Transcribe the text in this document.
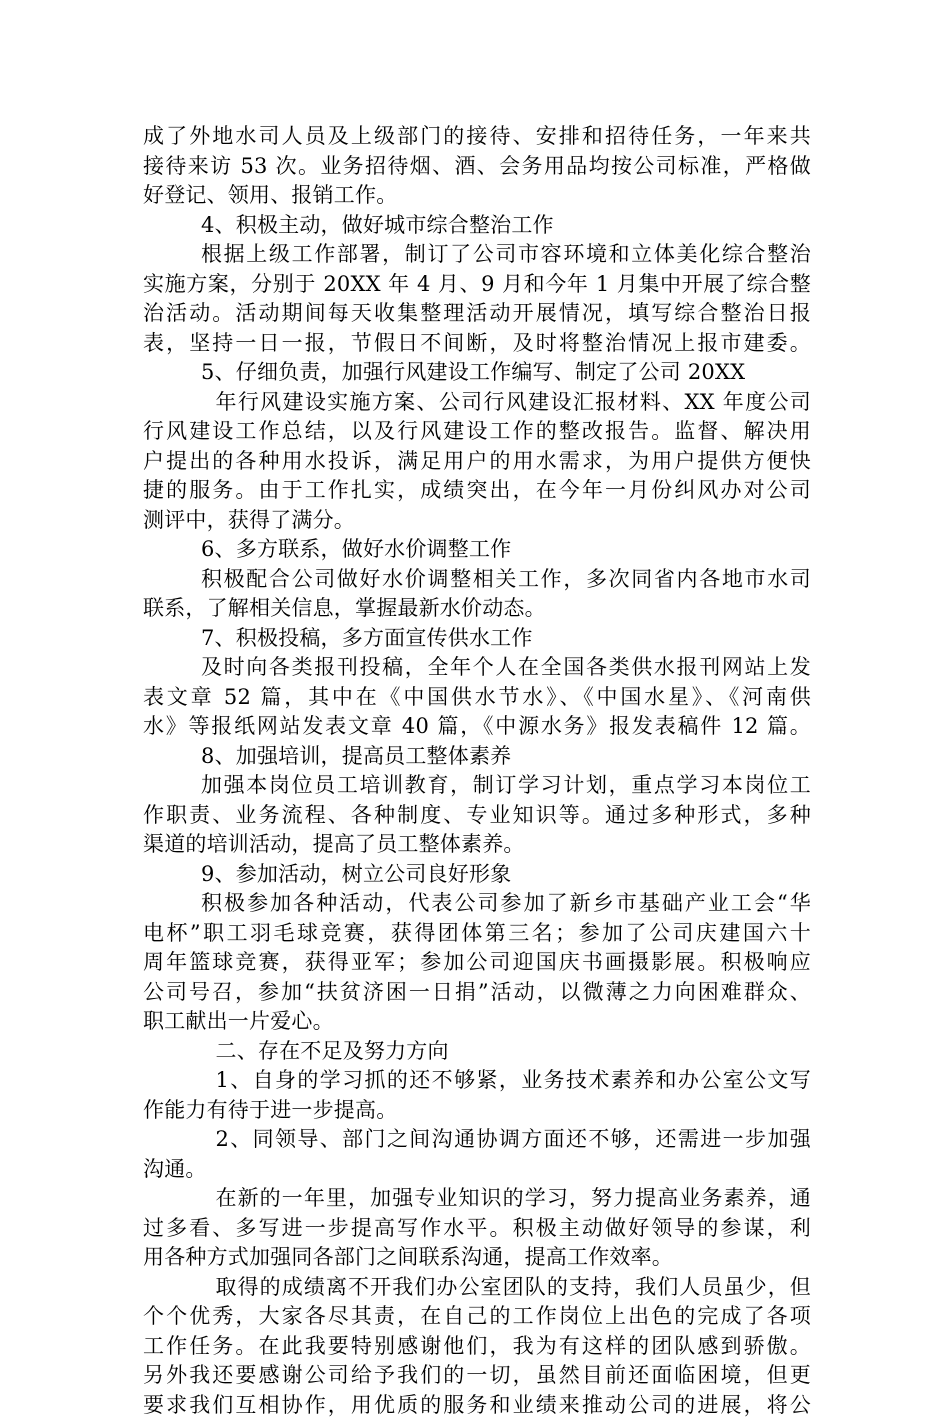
成了外地水司人员及上级部门的接待、安排和招待任务，一年来共
接待来访 53 次。业务招待烟、酒、会务用品均按公司标准，严格做
好登记、领用、报销工作。
4、积极主动，做好城市综合整治工作
根据上级工作部署，制订了公司市容环境和立体美化综合整治
实施方案，分别于 20XX 年 4 月、9 月和今年 1 月集中开展了综合整
治活动。活动期间每天收集整理活动开展情况，填写综合整治日报
表，坚持一日一报，节假日不间断，及时将整治情况上报市建委。
5、仔细负责，加强行风建设工作编写、制定了公司 20XX
年行风建设实施方案、公司行风建设汇报材料、XX 年度公司
行风建设工作总结，以及行风建设工作的整改报告。监督、解决用
户提出的各种用水投诉，满足用户的用水需求，为用户提供方便快
捷的服务。由于工作扎实，成绩突出，在今年一月份纠风办对公司
测评中，获得了满分。
6、多方联系，做好水价调整工作
积极配合公司做好水价调整相关工作，多次同省内各地市水司
联系，了解相关信息，掌握最新水价动态。
7、积极投稿，多方面宣传供水工作
及时向各类报刊投稿，全年个人在全国各类供水报刊网站上发
表文章 52 篇，其中在《中国供水节水》、《中国水星》、《河南供
水》等报纸网站发表文章 40 篇，《中源水务》报发表稿件 12 篇。
8、加强培训，提高员工整体素养
加强本岗位员工培训教育，制订学习计划，重点学习本岗位工
作职责、业务流程、各种制度、专业知识等。通过多种形式，多种
渠道的培训活动，提高了员工整体素养。
9、参加活动，树立公司良好形象
积极参加各种活动，代表公司参加了新乡市基础产业工会“华
电杯”职工羽毛球竞赛，获得团体第三名；参加了公司庆建国六十
周年篮球竞赛，获得亚军；参加公司迎国庆书画摄影展。积极响应
公司号召，参加“扶贫济困一日捐”活动，以微薄之力向困难群众、
职工献出一片爱心。
二、存在不足及努力方向
1、自身的学习抓的还不够紧，业务技术素养和办公室公文写
作能力有待于进一步提高。
2、同领导、部门之间沟通协调方面还不够，还需进一步加强
沟通。
在新的一年里，加强专业知识的学习，努力提高业务素养，通
过多看、多写进一步提高写作水平。积极主动做好领导的参谋，利
用各种方式加强同各部门之间联系沟通，提高工作效率。
取得的成绩离不开我们办公室团队的支持，我们人员虽少，但
个个优秀，大家各尽其责，在自己的工作岗位上出色的完成了各项
工作任务。在此我要特别感谢他们，我为有这样的团队感到骄傲。
另外我还要感谢公司给予我们的一切，虽然目前还面临困境，但更
要求我们互相协作，用优质的服务和业绩来推动公司的进展，将公
